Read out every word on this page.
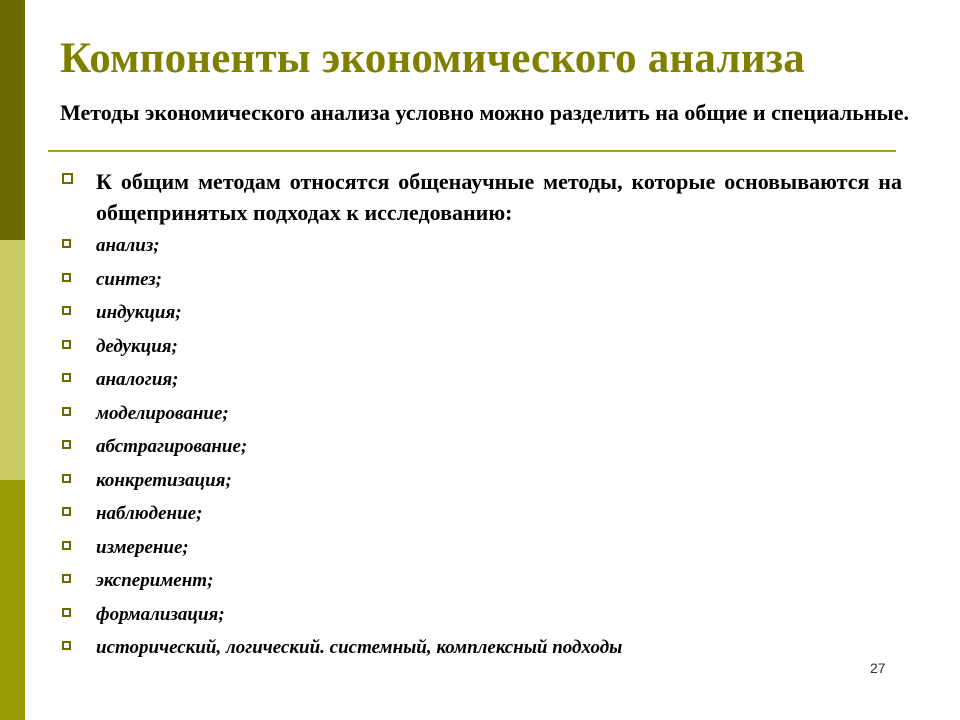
Компоненты экономического анализа
Методы экономического анализа условно можно разделить на общие и специальные.
К общим методам относятся общенаучные методы, которые основываются на общепринятых подходах к исследованию:
анализ;
синтез;
индукция;
дедукция;
аналогия;
моделирование;
абстрагирование;
конкретизация;
наблюдение;
измерение;
эксперимент;
формализация;
исторический, логический. системный, комплексный подходы
27
